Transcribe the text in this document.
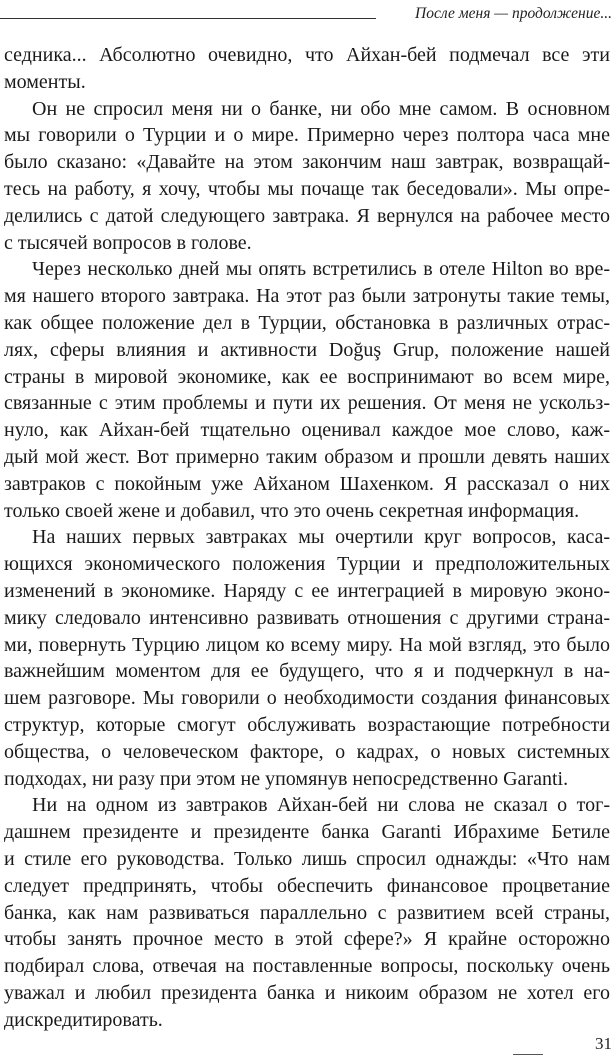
После меня — продолжение...
седника... Абсолютно очевидно, что Айхан-бей подмечал все эти
моменты.
Он не спросил меня ни о банке, ни обо мне самом. В основном
мы говорили о Турции и о мире. Примерно через полтора часа мне
было сказано: «Давайте на этом закончим наш завтрак, возвращай-
тесь на работу, я хочу, чтобы мы почаще так беседовали». Мы опре-
делились с датой следующего завтрака. Я вернулся на рабочее место
с тысячей вопросов в голове.
Через несколько дней мы опять встретились в отеле Hilton во вре-
мя нашего второго завтрака. На этот раз были затронуты такие темы,
как общее положение дел в Турции, обстановка в различных отрас-
лях, сферы влияния и активности Doğuş Grup, положение нашей
страны в мировой экономике, как ее воспринимают во всем мире,
связанные с этим проблемы и пути их решения. От меня не ускольз-
нуло, как Айхан-бей тщательно оценивал каждое мое слово, каж-
дый мой жест. Вот примерно таким образом и прошли девять наших
завтраков с покойным уже Айханом Шахенком. Я рассказал о них
только своей жене и добавил, что это очень секретная информация.
На наших первых завтраках мы очертили круг вопросов, каса-
ющихся экономического положения Турции и предположительных
изменений в экономике. Наряду с ее интеграцией в мировую эконо-
мику следовало интенсивно развивать отношения с другими страна-
ми, повернуть Турцию лицом ко всему миру. На мой взгляд, это было
важнейшим моментом для ее будущего, что я и подчеркнул в на-
шем разговоре. Мы говорили о необходимости создания финансовых
структур, которые смогут обслуживать возрастающие потребности
общества, о человеческом факторе, о кадрах, о новых системных
подходах, ни разу при этом не упомянув непосредственно Garanti.
Ни на одном из завтраков Айхан-бей ни слова не сказал о тог-
дашнем президенте и президенте банка Garanti Ибрахиме Бетиле
и стиле его руководства. Только лишь спросил однажды: «Что нам
следует предпринять, чтобы обеспечить финансовое процветание
банка, как нам развиваться параллельно с развитием всей страны,
чтобы занять прочное место в этой сфере?» Я крайне осторожно
подбирал слова, отвечая на поставленные вопросы, поскольку очень
уважал и любил президента банка и никоим образом не хотел его
дискредитировать.
31
